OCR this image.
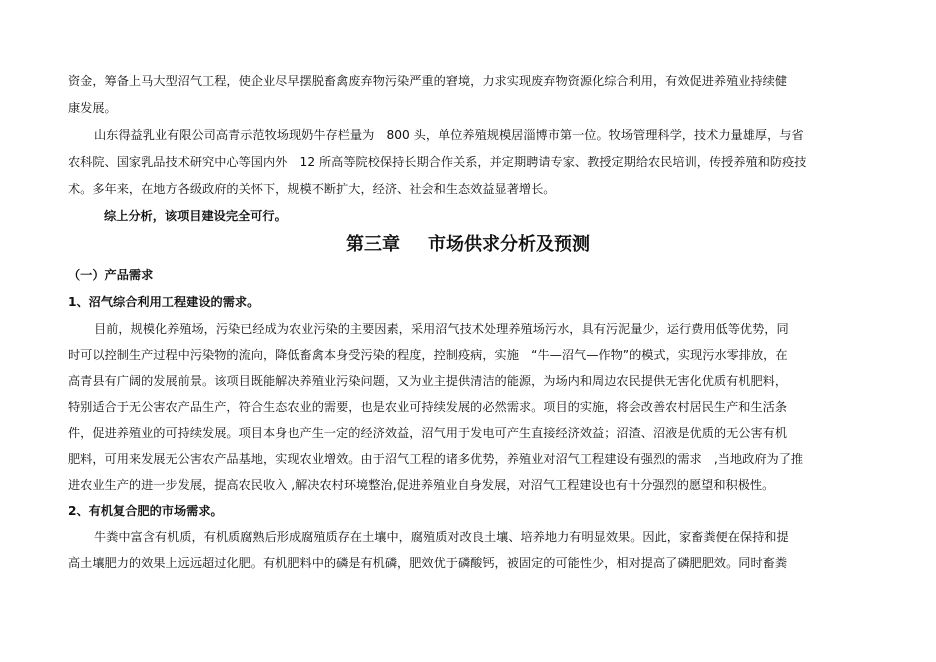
资金，筹备上马大型沼气工程，使企业尽早摆脱畜禽废弃物污染严重的窘境，力求实现废弃物资源化综合利用，有效促进养殖业持续健
康发展。
山东得益乳业有限公司高青示范牧场现奶牛存栏量为　800 头，单位养殖规模居淄博市第一位。牧场管理科学，技术力量雄厚，与省
农科院、国家乳品技术研究中心等国内外　12 所高等院校保持长期合作关系，并定期聘请专家、教授定期给农民培训，传授养殖和防疫技
术。多年来，在地方各级政府的关怀下，规模不断扩大，经济、社会和生态效益显著增长。
综上分析，该项目建设完全可行。
第三章 市场供求分析及预测
（一）产品需求
1、沼气综合利用工程建设的需求。
目前，规模化养殖场，污染已经成为农业污染的主要因素，采用沼气技术处理养殖场污水，具有污泥量少，运行费用低等优势，同
时可以控制生产过程中污染物的流向，降低畜禽本身受污染的程度，控制疫病，实施　“牛—沼气—作物”的模式，实现污水零排放，在
高青县有广阔的发展前景。该项目既能解决养殖业污染问题，又为业主提供清洁的能源，为场内和周边农民提供无害化优质有机肥料，
特别适合于无公害农产品生产，符合生态农业的需要，也是农业可持续发展的必然需求。项目的实施，将会改善农村居民生产和生活条
件，促进养殖业的可持续发展。项目本身也产生一定的经济效益，沼气用于发电可产生直接经济效益；沼渣、沼液是优质的无公害有机
肥料，可用来发展无公害农产品基地，实现农业增效。由于沼气工程的诸多优势，养殖业对沼气工程建设有强烈的需求　,当地政府为了推
进农业生产的进一步发展，提高农民收入 ,解决农村环境整治,促进养殖业自身发展，对沼气工程建设也有十分强烈的愿望和积极性。
2、有机复合肥的市场需求。
牛粪中富含有机质，有机质腐熟后形成腐殖质存在土壤中，腐殖质对改良土壤、培养地力有明显效果。因此，家畜粪便在保持和提
高土壤肥力的效果上远远超过化肥。有机肥料中的磷是有机磷，肥效优于磷酸钙，被固定的可能性少，相对提高了磷肥肥效。同时畜粪
